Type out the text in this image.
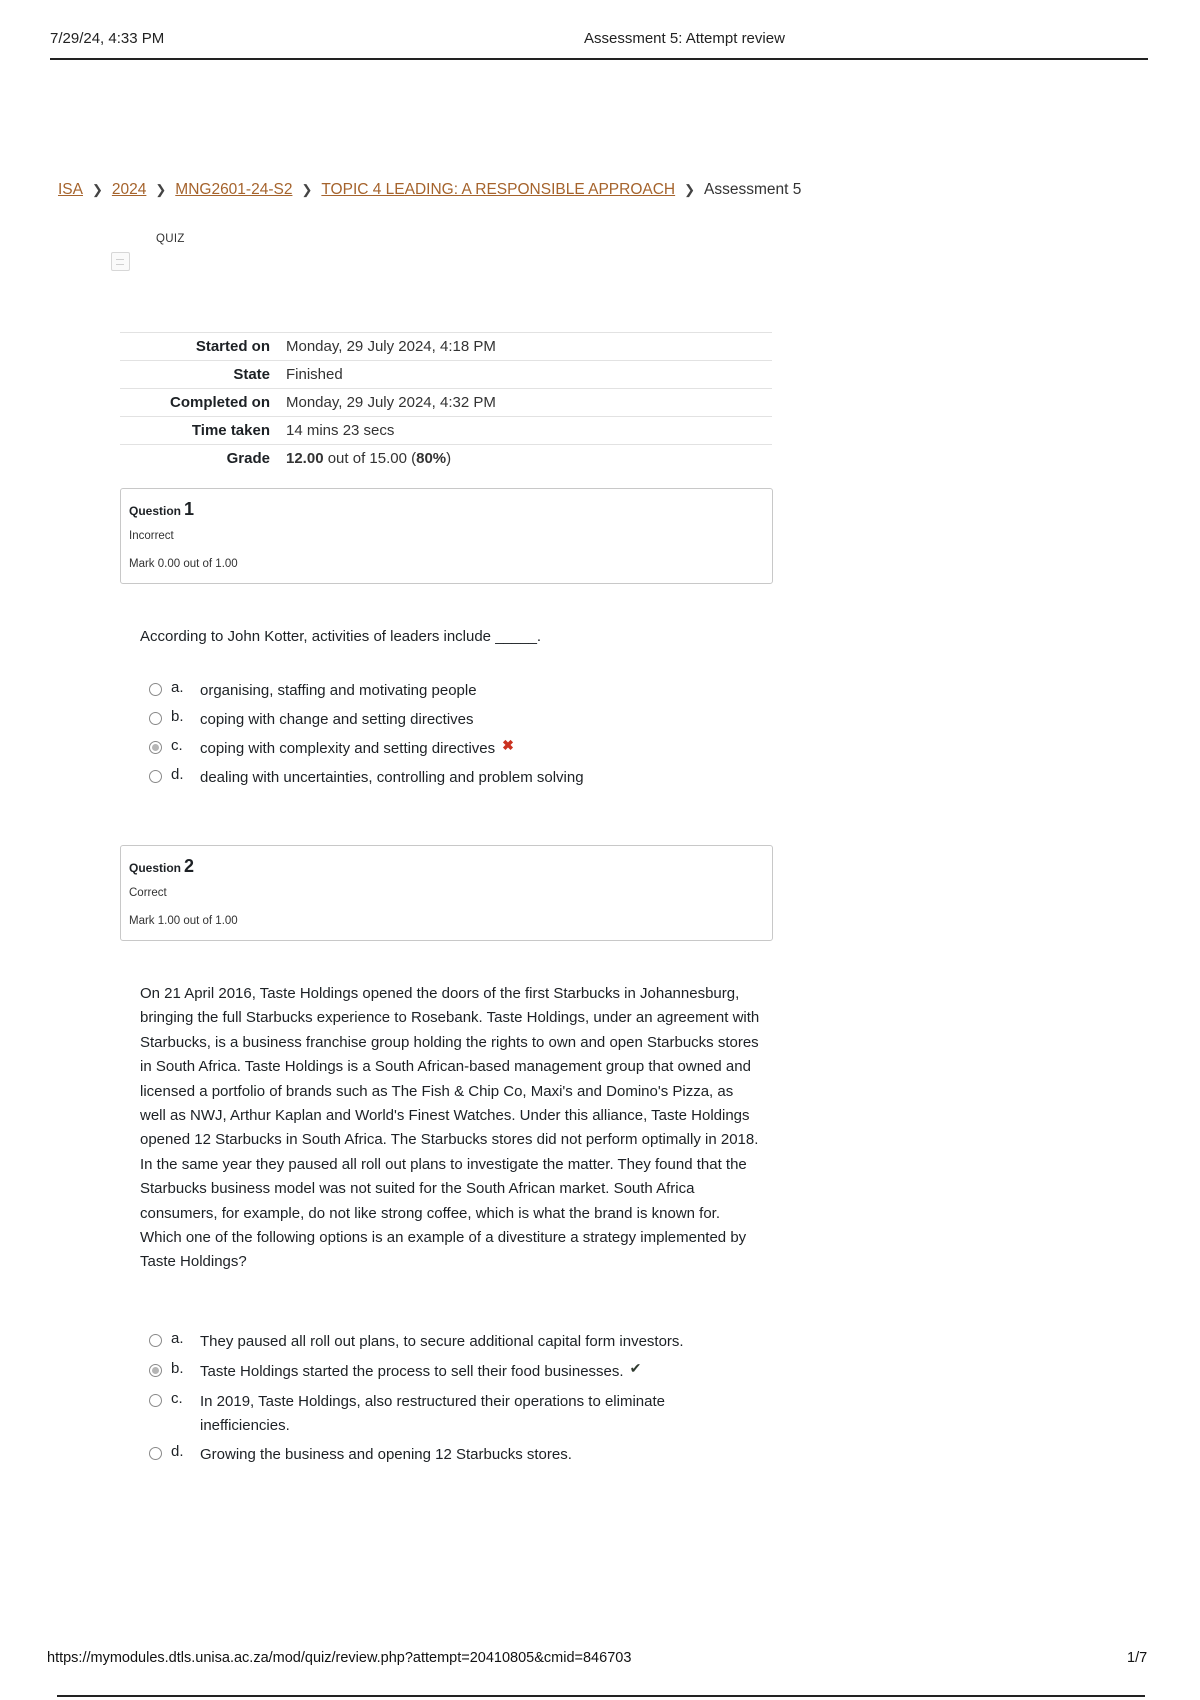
7/29/24, 4:33 PM	Assessment 5: Attempt review
ISA ❯ 2024 ❯ MNG2601-24-S2 ❯ TOPIC 4 LEADING: A RESPONSIBLE APPROACH ❯ Assessment 5
QUIZ
Started on	Monday, 29 July 2024, 4:18 PM
State	Finished
Completed on	Monday, 29 July 2024, 4:32 PM
Time taken	14 mins 23 secs
Grade	12.00 out of 15.00 (80%)
Question 1
Incorrect
Mark 0.00 out of 1.00
According to John Kotter, activities of leaders include _____.
a.	organising, staffing and motivating people
b.	coping with change and setting directives
c.	coping with complexity and setting directives ✖
d.	dealing with uncertainties, controlling and problem solving
Question 2
Correct
Mark 1.00 out of 1.00
On 21 April 2016, Taste Holdings opened the doors of the first Starbucks in Johannesburg, bringing the full Starbucks experience to Rosebank. Taste Holdings, under an agreement with Starbucks, is a business franchise group holding the rights to own and open Starbucks stores in South Africa. Taste Holdings is a South African-based management group that owned and licensed a portfolio of brands such as The Fish & Chip Co, Maxi's and Domino's Pizza, as well as NWJ, Arthur Kaplan and World's Finest Watches. Under this alliance, Taste Holdings opened 12 Starbucks in South Africa. The Starbucks stores did not perform optimally in 2018. In the same year they paused all roll out plans to investigate the matter. They found that the Starbucks business model was not suited for the South African market. South Africa consumers, for example, do not like strong coffee, which is what the brand is known for. Which one of the following options is an example of a divestiture a strategy implemented by Taste Holdings?
a.	They paused all roll out plans, to secure additional capital form investors.
b.	Taste Holdings started the process to sell their food businesses. ✔
c.	In 2019, Taste Holdings, also restructured their operations to eliminate inefficiencies.
d.	Growing the business and opening 12 Starbucks stores.
https://mymodules.dtls.unisa.ac.za/mod/quiz/review.php?attempt=20410805&cmid=846703	1/7
